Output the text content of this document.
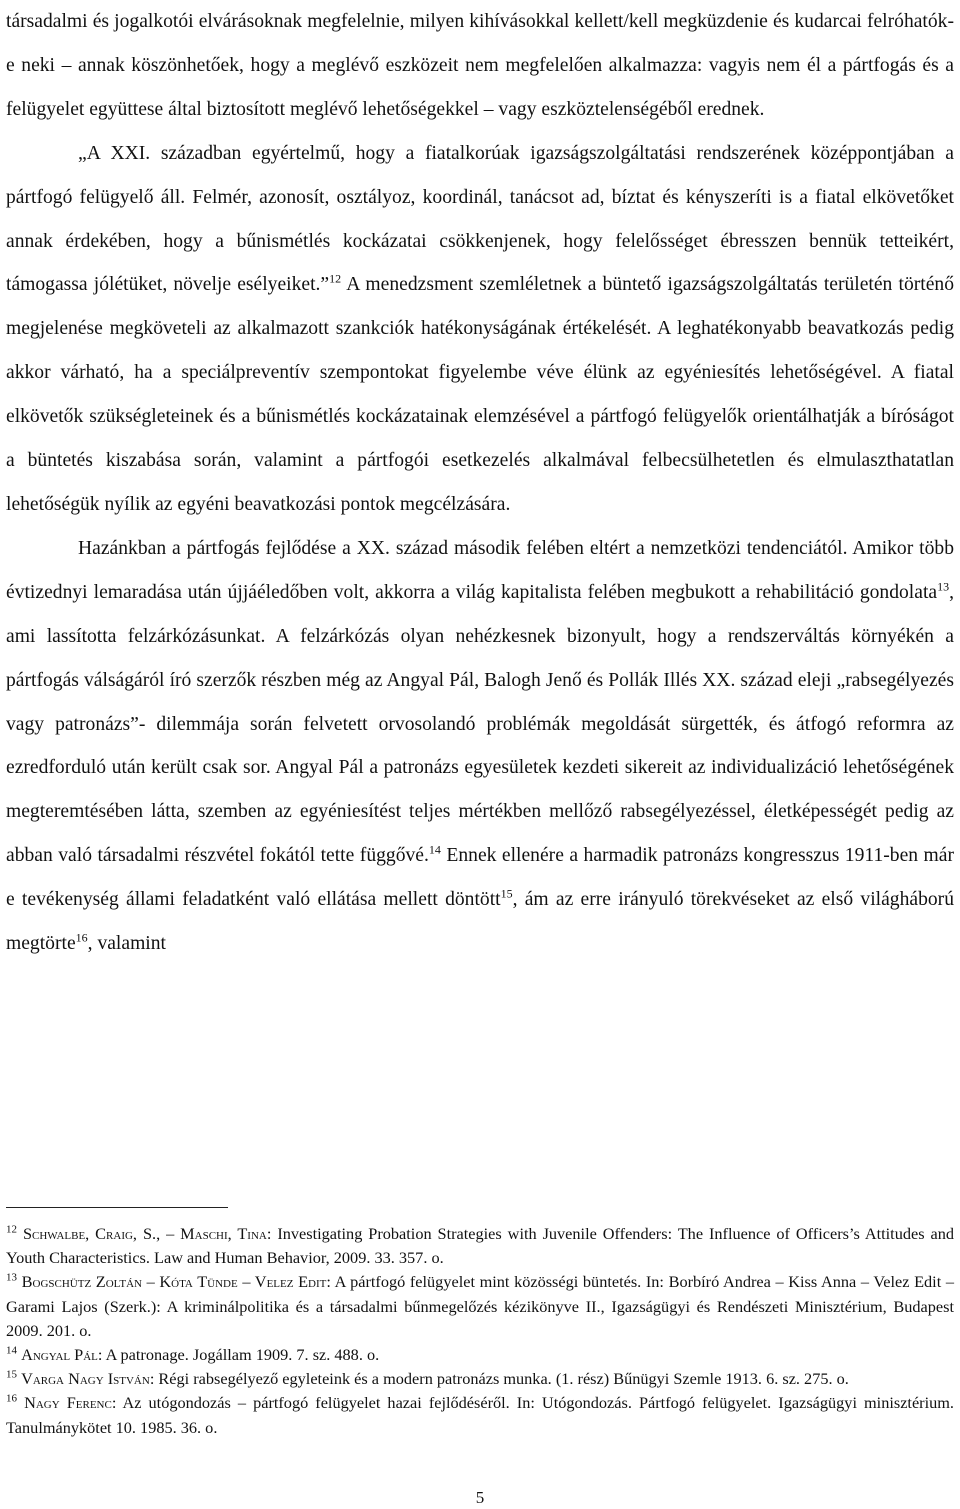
társadalmi és jogalkotói elvárásoknak megfelelnie, milyen kihívásokkal kellett/kell megküzdenie és kudarcai felróhatók-e neki – annak köszönhetőek, hogy a meglévő eszközeit nem megfelelően alkalmazza: vagyis nem él a pártfogás és a felügyelet együttese által biztosított meglévő lehetőségekkel – vagy eszköztelenségéből erednek.

„A XXI. században egyértelmű, hogy a fiatalkorúak igazságszolgáltatási rendszerének középpontjában a pártfogó felügyelő áll. Felmér, azonosít, osztályoz, koordinál, tanácsot ad, bíztat és kényszeríti is a fiatal elkövetőket annak érdekében, hogy a bűnismétlés kockázatai csökkenjenek, hogy felelősséget ébresszen bennük tetteikért, támogassa jólétüket, növelje esélyeiket.”$^{12}$ A menedzsment szemléletnek a büntető igazságszolgáltatás területén történő megjelenése megköveteli az alkalmazott szankciók hatékonyságának értékelését. A leghatékonyabb beavatkozás pedig akkor várható, ha a speciálpreventív szempontokat figyelembe véve élünk az egyéniesítés lehetőségével. A fiatal elkövetők szükségleteinek és a bűnismétlés kockázatainak elemzésével a pártfogó felügyelők orientálhatják a bíróságot a büntetés kiszabása során, valamint a pártfogói esetkezelés alkalmával felbecsülhetetlen és elmulaszthatatlan lehetőségük nyílik az egyéni beavatkozási pontok megcélzására.

Hazánkban a pártfogás fejlődése a XX. század második felében eltért a nemzetközi tendenciától. Amikor több évtizednyi lemaradása után újjáéledőben volt, akkorra a világ kapitalista felében megbukott a rehabilitáció gondolata$^{13}$, ami lassította felzárkózásunkat. A felzárkózás olyan nehézkesnek bizonyult, hogy a rendszerváltás környékén a pártfogás válságáról író szerzők részben még az Angyal Pál, Balogh Jenő és Pollák Illés XX. század eleji „rabsegélyezés vagy patronázs”- dilemmája során felvetett orvosolandó problémák megoldását sürgették, és átfogó reformra az ezredforduló után került csak sor. Angyal Pál a patronázs egyesületek kezdeti sikereit az individualizáció lehetőségének megteremtésében látta, szemben az egyéniesítést teljes mértékben mellőző rabsegélyezéssel, életképességét pedig az abban való társadalmi részvétel fokától tette függővé.$^{14}$ Ennek ellenére a harmadik patronázs kongresszus 1911-ben már e tevékenység állami feladatként való ellátása mellett döntött$^{15}$, ám az erre irányuló törekvéseket az első világháború megtörte$^{16}$, valamint

$^{12}$ Schwalbe, Craig, S., – Maschi, Tina: Investigating Probation Strategies with Juvenile Offenders: The Influence of Officers’s Attitudes and Youth Characteristics. Law and Human Behavior, 2009. 33. 357. o.

$^{13}$ Bogschütz Zoltán – Kóta Tünde – Velez Edit: A pártfogó felügyelet mint közösségi büntetés. In: Borbíró Andrea – Kiss Anna – Velez Edit – Garami Lajos (Szerk.): A kriminálpolitika és a társadalmi bűnmegelőzés kézikönyve II., Igazságügyi és Rendészeti Minisztérium, Budapest 2009. 201. o.

$^{14}$ Angyal Pál: A patronage. Jogállam 1909. 7. sz. 488. o.

$^{15}$ Varga Nagy István: Régi rabsegélyező egyleteink és a modern patronázs munka. (1. rész) Bűnügyi Szemle 1913. 6. sz. 275. o.

$^{16}$ Nagy Ferenc: Az utógondozás – pártfogó felügyelet hazai fejlődéséről. In: Utógondozás. Pártfogó felügyelet. Igazságügyi minisztérium. Tanulmánykötet 10. 1985. 36. o.

5
